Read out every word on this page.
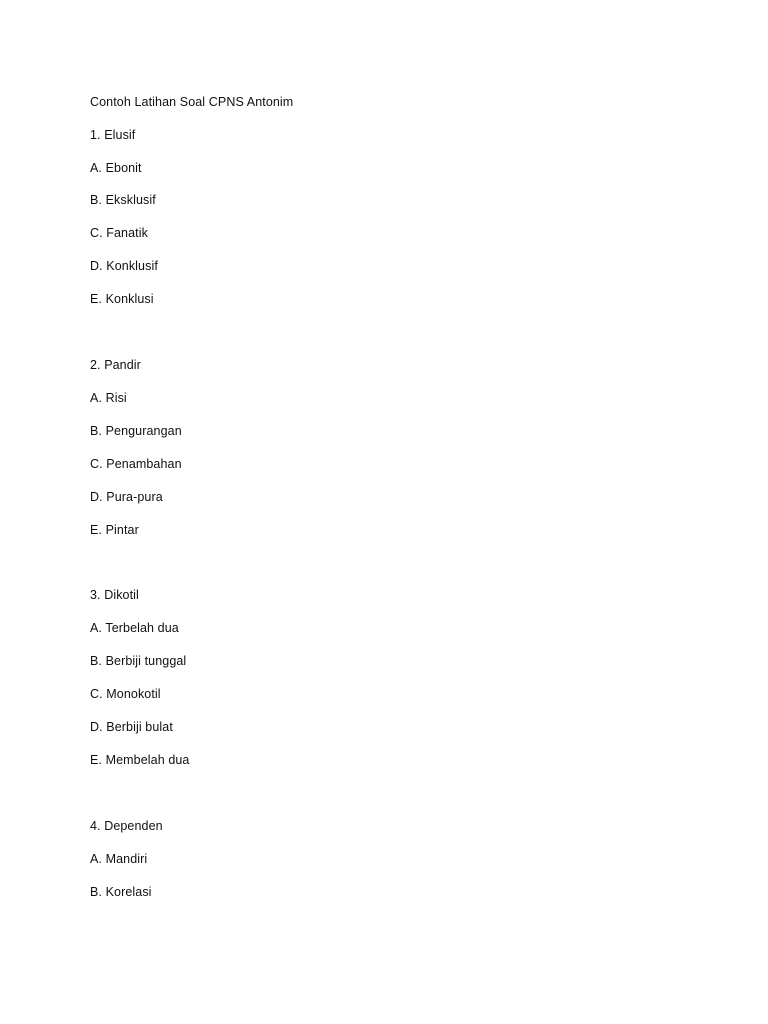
Contoh Latihan Soal CPNS Antonim
1. Elusif
A. Ebonit
B. Eksklusif
C. Fanatik
D. Konklusif
E. Konklusi
2. Pandir
A. Risi
B. Pengurangan
C. Penambahan
D. Pura-pura
E. Pintar
3. Dikotil
A. Terbelah dua
B. Berbiji tunggal
C. Monokotil
D. Berbiji bulat
E. Membelah dua
4. Dependen
A. Mandiri
B. Korelasi
